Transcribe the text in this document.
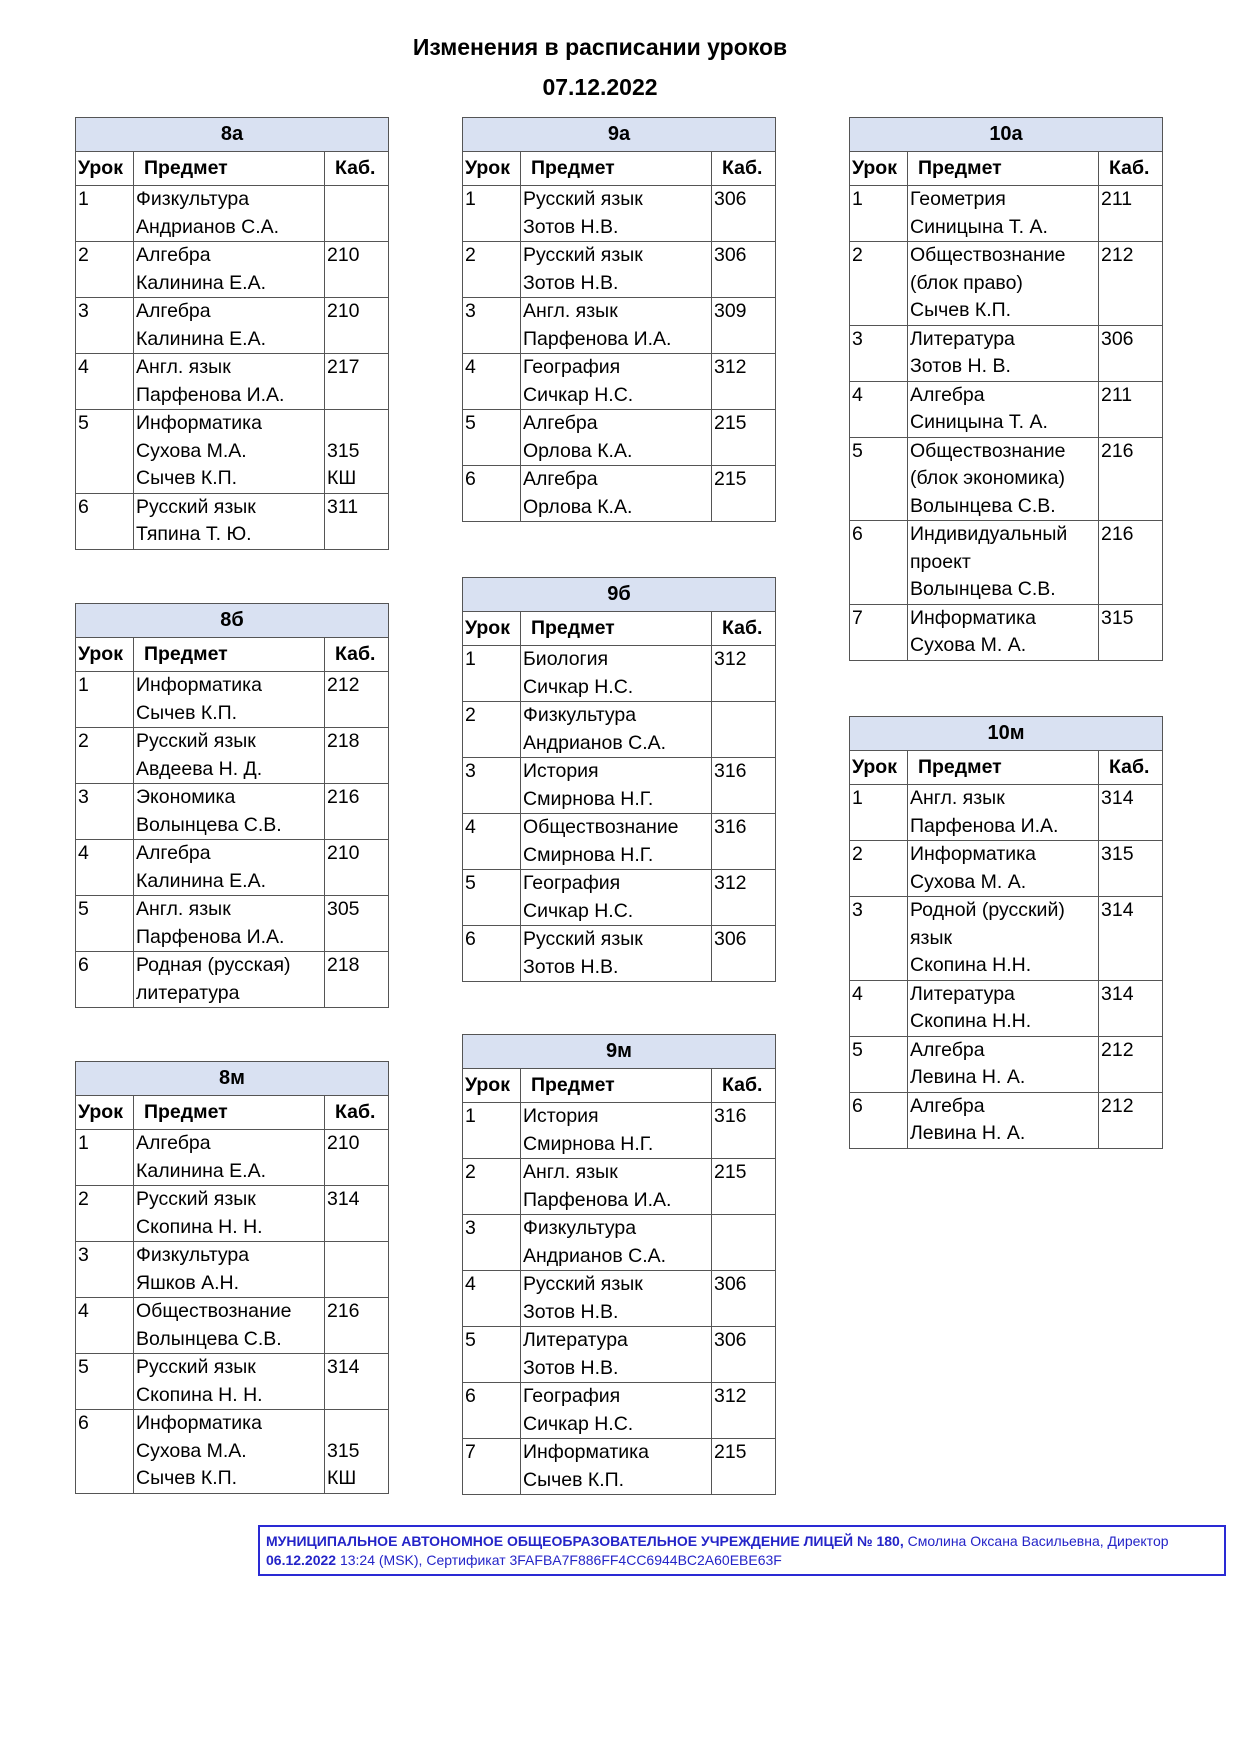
Изменения в расписании уроков
07.12.2022
8а		
Урок	Предмет	Каб.
1	Физкультура
Андрианов С.А.	

2	Алгебра
Калинина Е.А.	210

3	Алгебра
Калинина Е.А.	210

4	Англ. язык
Парфенова И.А.	217

5	Информатика
Сухова М.А.
Сычев К.П.	315
КШ

6	Русский язык
Тяпина Т. Ю.	311
8б		
Урок	Предмет	Каб.
1	Информатика
Сычев К.П.	212

2	Русский язык
Авдеева Н. Д.	218

3	Экономика
Волынцева С.В.	216

4	Алгебра
Калинина Е.А.	210

5	Англ. язык
Парфенова И.А.	305

6	Родная (русская)
литература	218
8м		
Урок	Предмет	Каб.
1	Алгебра
Калинина Е.А.	210

2	Русский язык
Скопина Н. Н.	314

3	Физкультура
Яшков А.Н.	

4	Обществознание
Волынцева С.В.	216

5	Русский язык
Скопина Н. Н.	314

6	Информатика
Сухова М.А.
Сычев К.П.	315
КШ
9а		
Урок	Предмет	Каб.
1	Русский язык
Зотов Н.В.	306

2	Русский язык
Зотов Н.В.	306

3	Англ. язык
Парфенова И.А.	309

4	География
Сичкар Н.С.	312

5	Алгебра
Орлова К.А.	215

6	Алгебра
Орлова К.А.	215
9б		
Урок	Предмет	Каб.
1	Биология
Сичкар Н.С.	312

2	Физкультура
Андрианов С.А.	

3	История
Смирнова Н.Г.	316

4	Обществознание
Смирнова Н.Г.	316

5	География
Сичкар Н.С.	312

6	Русский язык
Зотов Н.В.	306
9м		
Урок	Предмет	Каб.
1	История
Смирнова Н.Г.	316

2	Англ. язык
Парфенова И.А.	215

3	Физкультура
Андрианов С.А.	

4	Русский язык
Зотов Н.В.	306

5	Литература
Зотов Н.В.	306

6	География
Сичкар Н.С.	312

7	Информатика
Сычев К.П.	215
10а		
Урок	Предмет	Каб.
1	Геометрия
Синицына Т. А.	211

2	Обществознание
(блок право)
Сычев К.П.	212

3	Литература
Зотов Н. В.	306

4	Алгебра
Синицына Т. А.	211

5	Обществознание
(блок экономика)
Волынцева С.В.	216

6	Индивидуальный
проект
Волынцева С.В.	216

7	Информатика
Сухова М. А.	315
10м		
Урок	Предмет	Каб.
1	Англ. язык
Парфенова И.А.	314

2	Информатика
Сухова М. А.	315

3	Родной (русский)
язык
Скопина Н.Н.	314

4	Литература
Скопина Н.Н.	314

5	Алгебра
Левина Н. А.	212

6	Алгебра
Левина Н. А.	212
МУНИЦИПАЛЬНОЕ АВТОНОМНОЕ ОБЩЕОБРАЗОВАТЕЛЬНОЕ УЧРЕЖДЕНИЕ ЛИЦЕЙ № 180, Смолина Оксана Васильевна, Директор
06.12.2022 13:24 (MSK), Сертификат 3FAFBA7F886FF4CC6944BC2A60EBE63F
